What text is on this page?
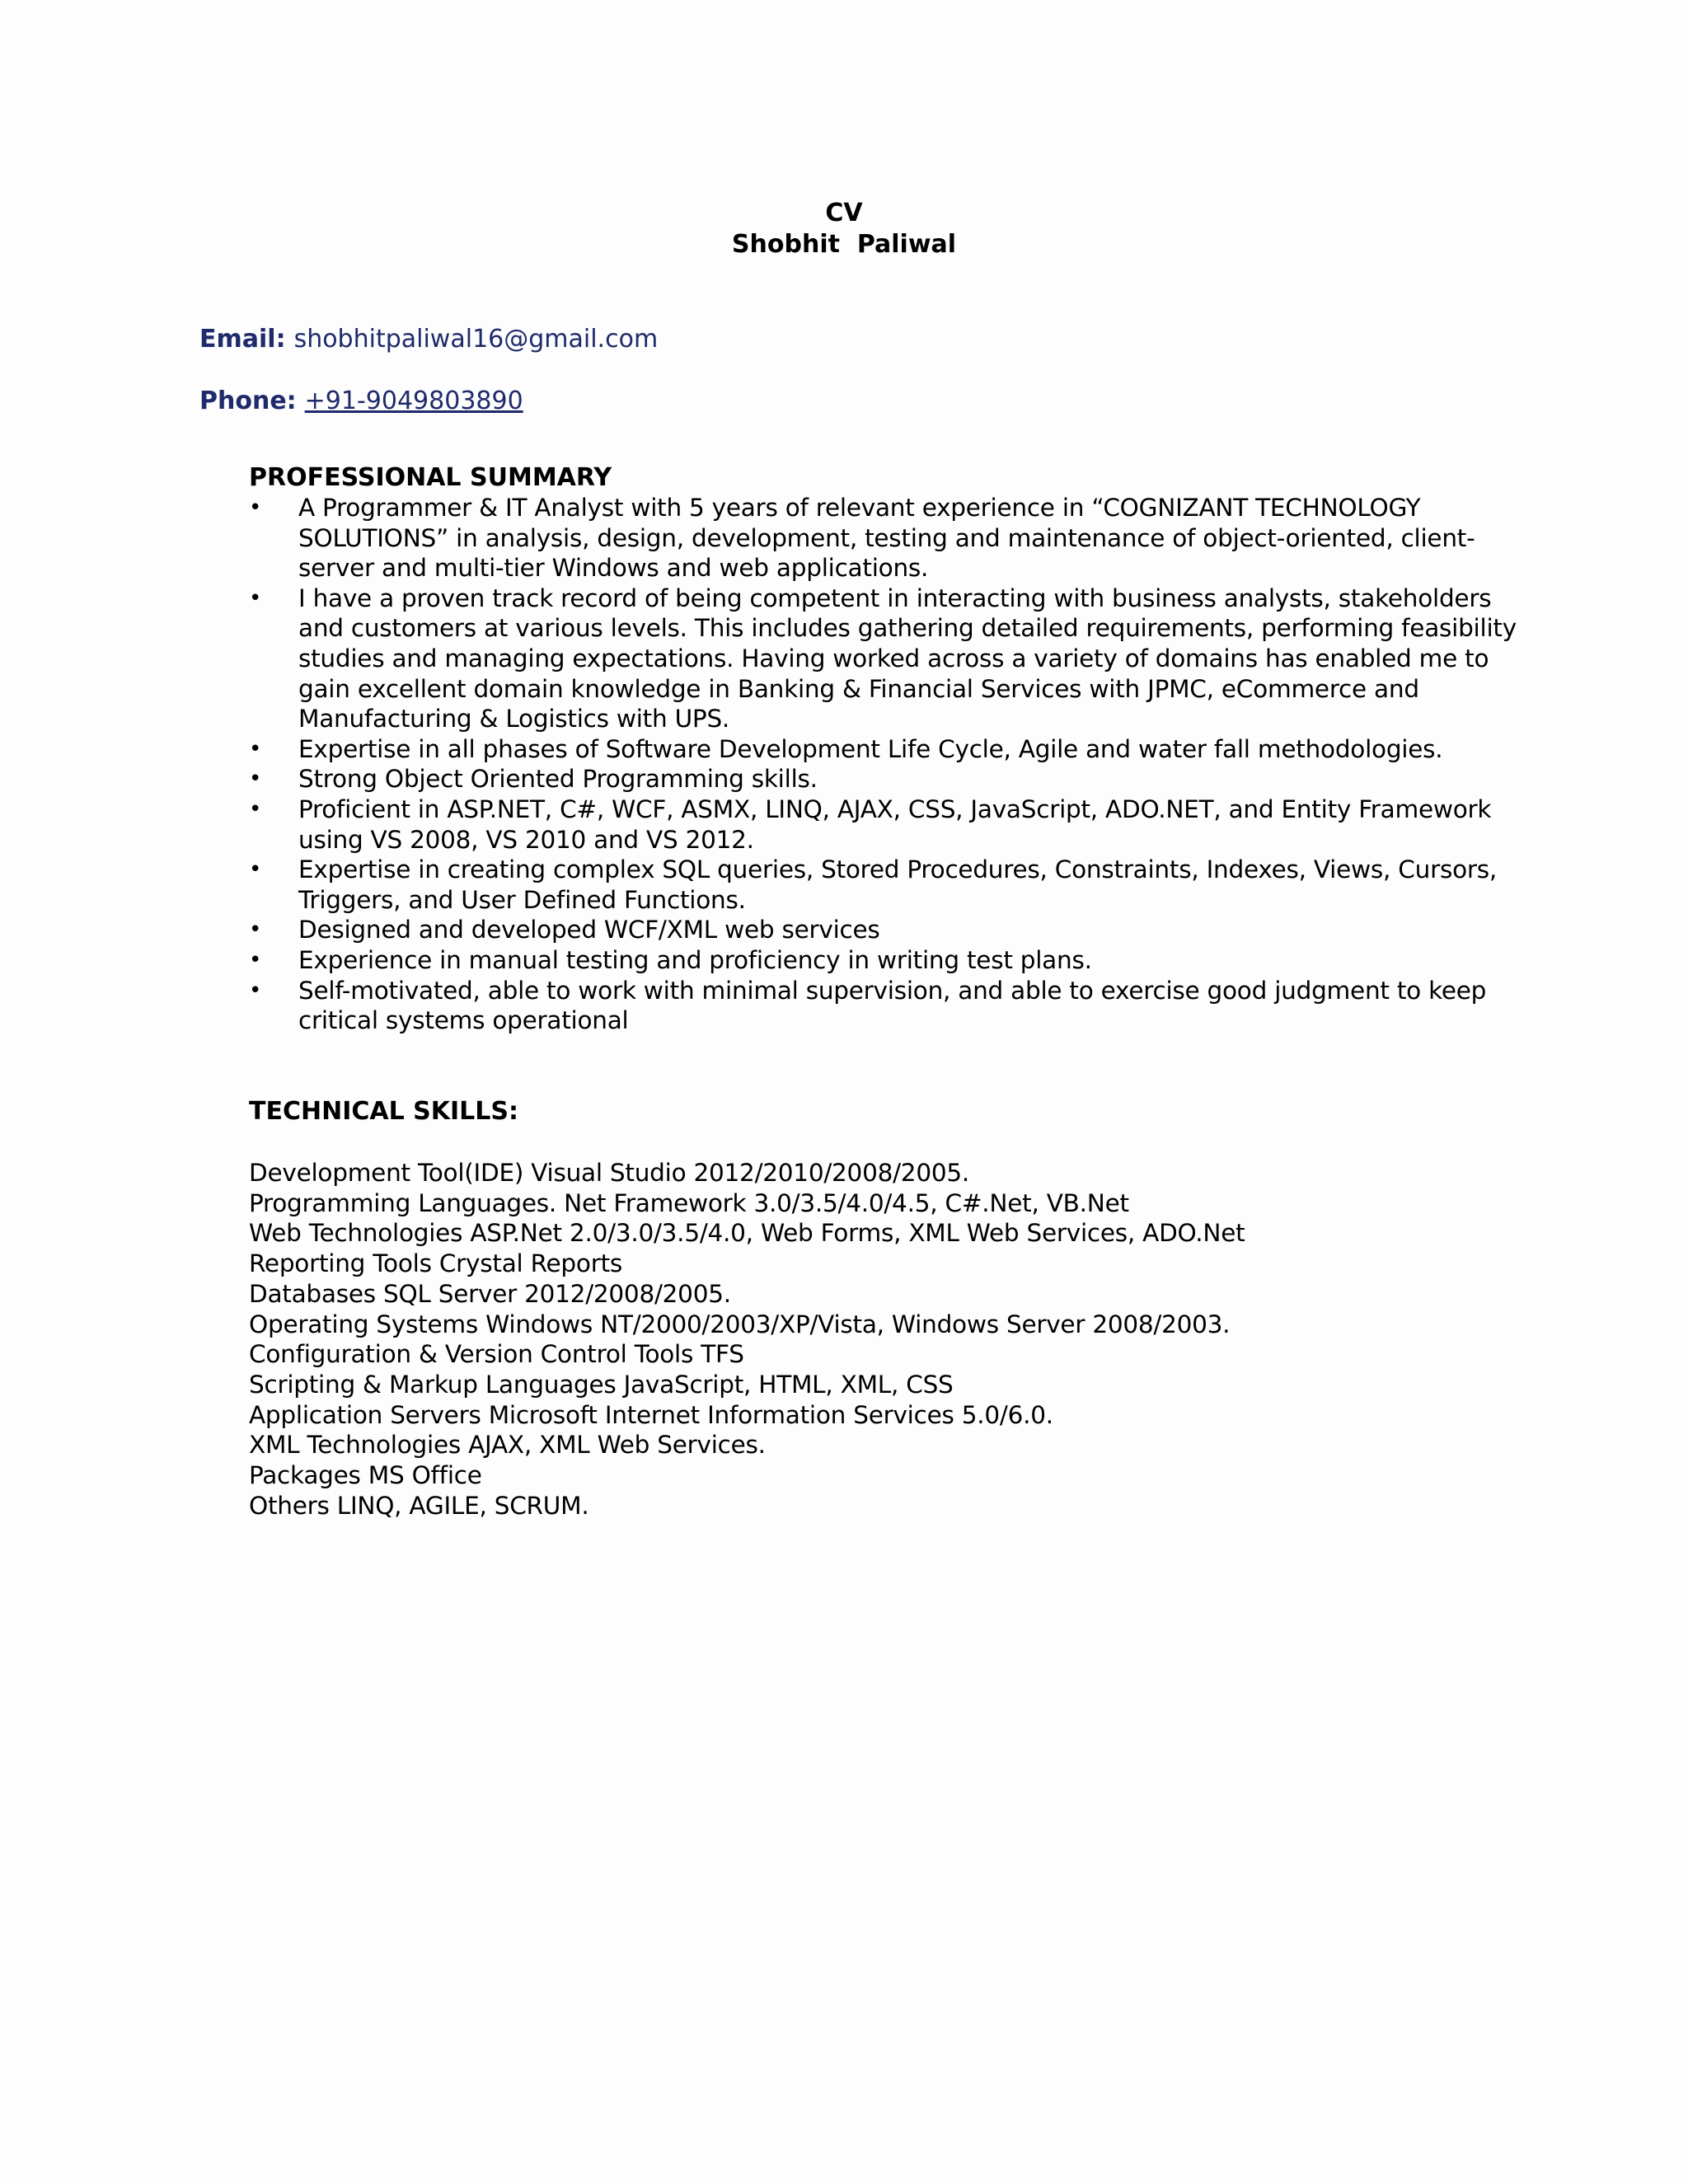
CV
Shobhit  Paliwal
Email: shobhitpaliwal16@gmail.com
Phone: +91-9049803890
PROFESSIONAL SUMMARY
•	A Programmer & IT Analyst with 5 years of relevant experience in “COGNIZANT TECHNOLOGY SOLUTIONS” in analysis, design, development, testing and maintenance of object-oriented, client-server and multi-tier Windows and web applications.
•	I have a proven track record of being competent in interacting with business analysts, stakeholders and customers at various levels. This includes gathering detailed requirements, performing feasibility studies and managing expectations. Having worked across a variety of domains has enabled me to gain excellent domain knowledge in Banking & Financial Services with JPMC, eCommerce and Manufacturing & Logistics with UPS.
•	Expertise in all phases of Software Development Life Cycle, Agile and water fall methodologies.
•	Strong Object Oriented Programming skills.
•	Proficient in ASP.NET, C#, WCF, ASMX, LINQ, AJAX, CSS, JavaScript, ADO.NET, and Entity Framework using VS 2008, VS 2010 and VS 2012.
•	Expertise in creating complex SQL queries, Stored Procedures, Constraints, Indexes, Views, Cursors, Triggers, and User Defined Functions.
•	Designed and developed WCF/XML web services
•	Experience in manual testing and proficiency in writing test plans.
•	Self-motivated, able to work with minimal supervision, and able to exercise good judgment to keep critical systems operational
TECHNICAL SKILLS:
Development Tool(IDE) Visual Studio 2012/2010/2008/2005.
Programming Languages. Net Framework 3.0/3.5/4.0/4.5, C#.Net, VB.Net
Web Technologies ASP.Net 2.0/3.0/3.5/4.0, Web Forms, XML Web Services, ADO.Net
Reporting Tools Crystal Reports
Databases SQL Server 2012/2008/2005.
Operating Systems Windows NT/2000/2003/XP/Vista, Windows Server 2008/2003.
Configuration & Version Control Tools TFS
Scripting & Markup Languages JavaScript, HTML, XML, CSS
Application Servers Microsoft Internet Information Services 5.0/6.0.
XML Technologies AJAX, XML Web Services.
Packages MS Office
Others LINQ, AGILE, SCRUM.
